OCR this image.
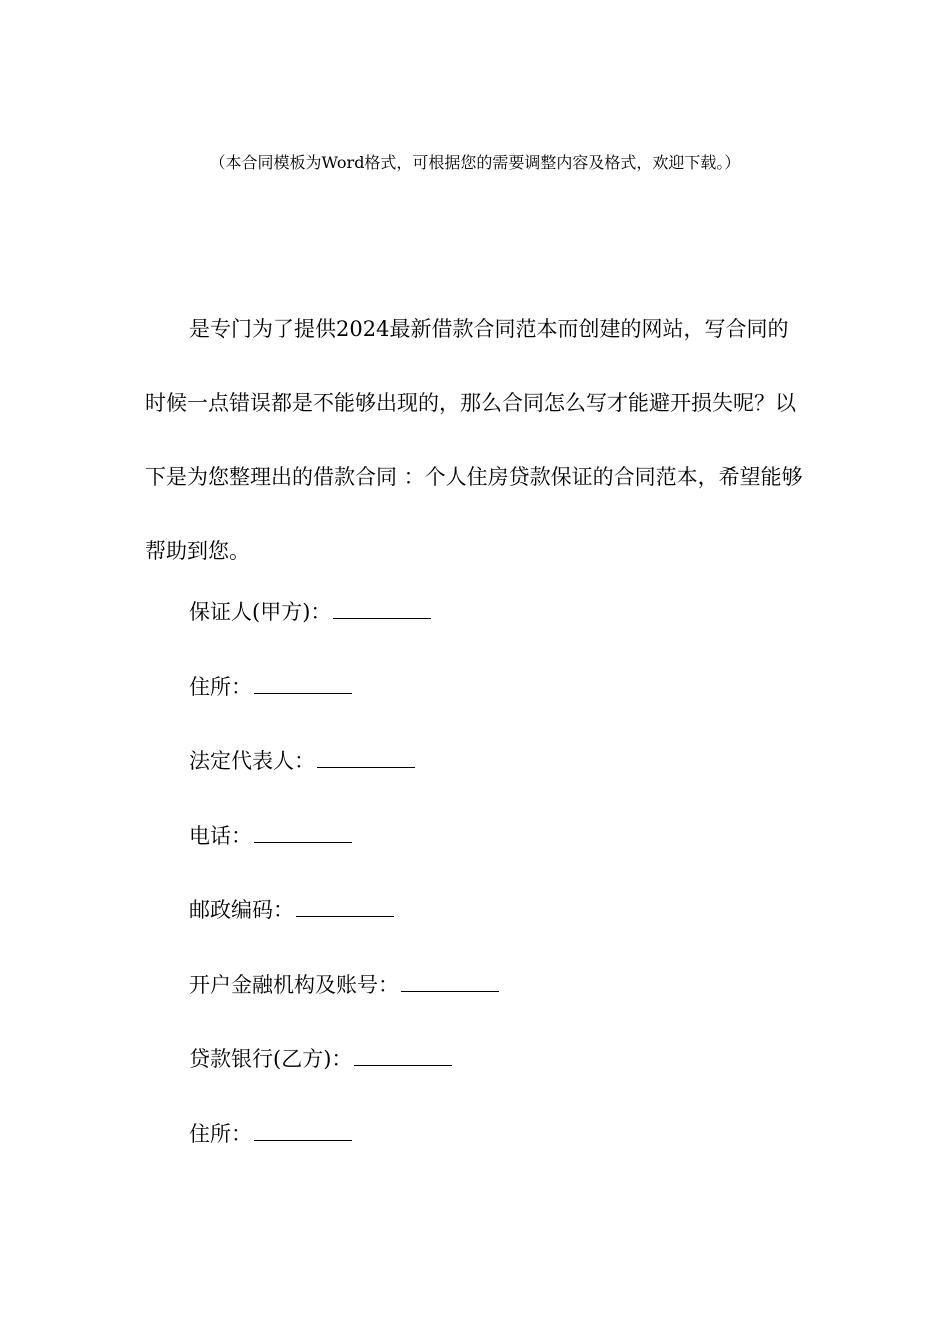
（本合同模板为Word格式，可根据您的需要调整内容及格式，欢迎下载。）

是专门为了提供2024最新借款合同范本而创建的网站，写合同的时候一点错误都是不能够出现的，那么合同怎么写才能避开损失呢？以下是为您整理出的借款合同 ：个人住房贷款保证的合同范本，希望能够帮助到您。

保证人(甲方)：
住所：
法定代表人：
电话：
邮政编码：
开户金融机构及账号：
贷款银行(乙方)：
住所：
